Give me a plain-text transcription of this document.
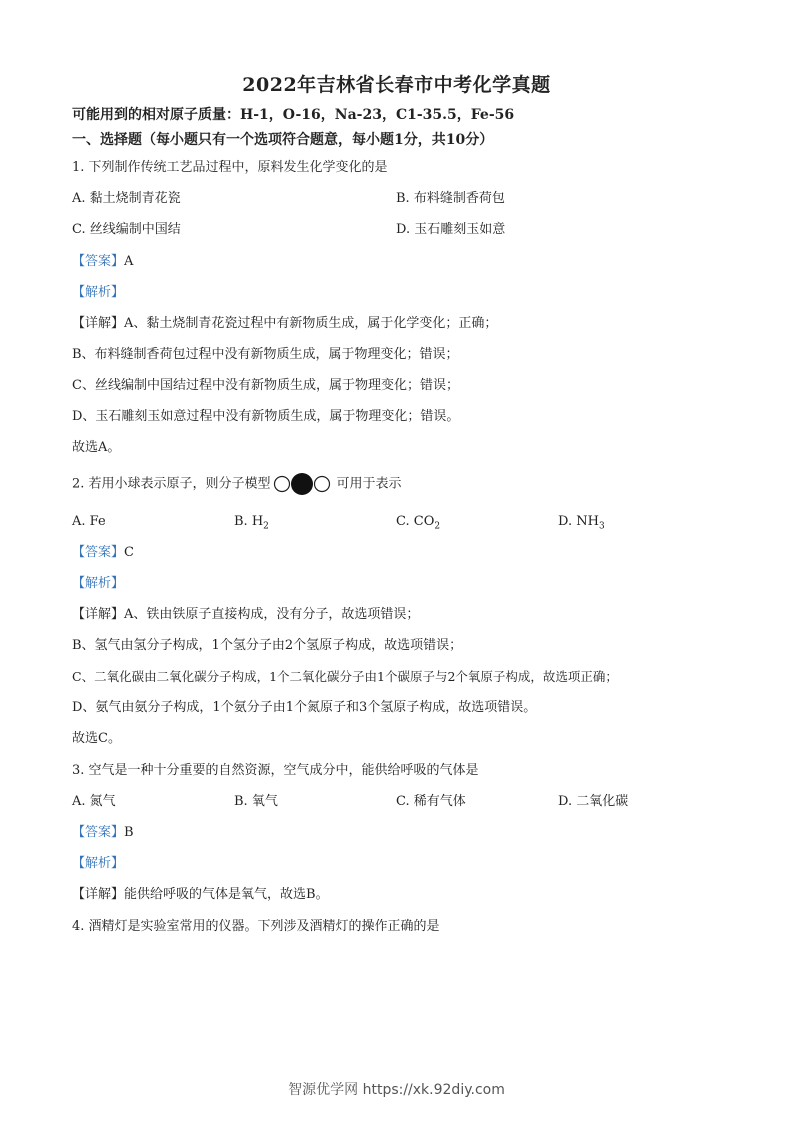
2022年吉林省长春市中考化学真题
可能用到的相对原子质量：H-1，O-16，Na-23，C1-35.5，Fe-56
一、选择题（每小题只有一个选项符合题意，每小题1分，共10分）
1. 下列制作传统工艺品过程中，原料发生化学变化的是
A. 黏土烧制青花瓷	B. 布料缝制香荷包
C. 丝线编制中国结	D. 玉石雕刻玉如意
【答案】A
【解析】
【详解】A、黏土烧制青花瓷过程中有新物质生成，属于化学变化；正确；
B、布料缝制香荷包过程中没有新物质生成，属于物理变化；错误；
C、丝线编制中国结过程中没有新物质生成，属于物理变化；错误；
D、玉石雕刻玉如意过程中没有新物质生成，属于物理变化；错误。
故选A。
2. 若用小球表示原子，则分子模型	可用于表示
A. Fe	B. $H_2$	C. $CO_2$	D. $NH_3$
【答案】C
【解析】
【详解】A、铁由铁原子直接构成，没有分子，故选项错误；
B、氢气由氢分子构成，1个氢分子由2个氢原子构成，故选项错误；
C、二氧化碳由二氧化碳分子构成，1个二氧化碳分子由1个碳原子与2个氧原子构成，故选项正确；
D、氨气由氨分子构成，1个氨分子由1个氮原子和3个氢原子构成，故选项错误。
故选C。
3. 空气是一种十分重要的自然资源，空气成分中，能供给呼吸的气体是
A. 氮气	B. 氧气	C. 稀有气体	D. 二氧化碳
【答案】B
【解析】
【详解】能供给呼吸的气体是氧气，故选B。
4. 酒精灯是实验室常用的仪器。下列涉及酒精灯的操作正确的是
智源优学网 https://xk.92diy.com
